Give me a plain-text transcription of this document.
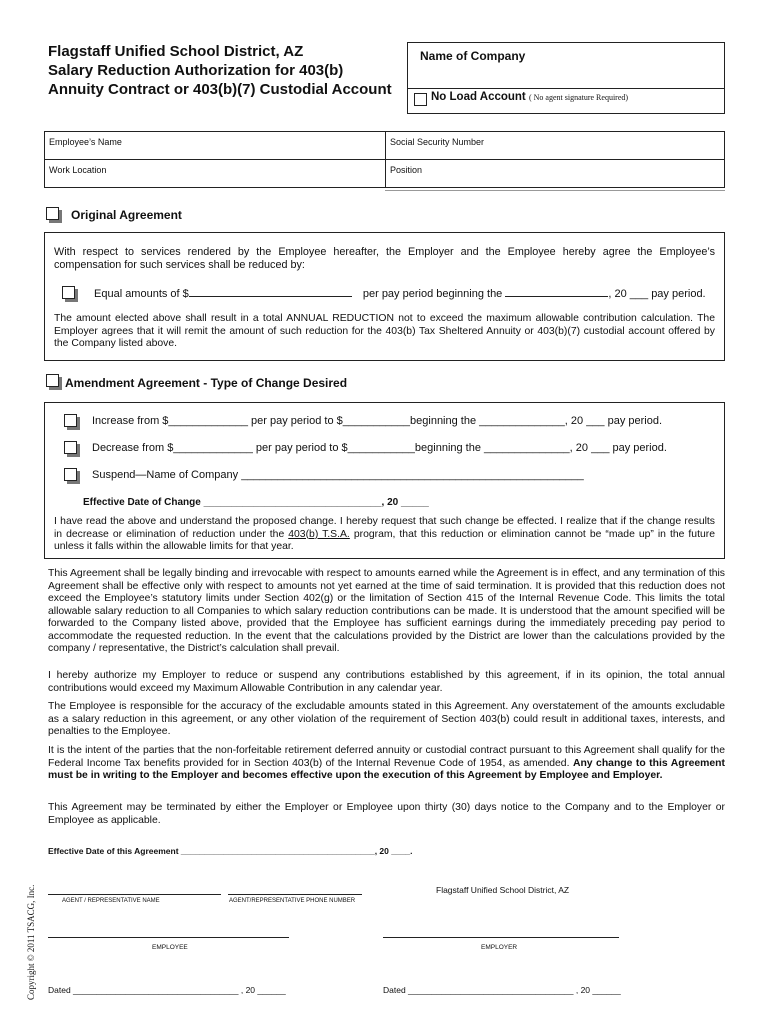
Flagstaff Unified School District, AZ
Salary Reduction Authorization for 403(b)
Annuity Contract or 403(b)(7) Custodial Account
Name of Company
No Load Account ( No agent signature Required)
Employee’s Name	Social Security Number
Work Location	Position
Original Agreement
With respect to services rendered by the Employee hereafter, the Employer and the Employee hereby agree the Employee’s compensation for such services shall be reduced by:
Equal amounts of $	per pay period beginning the	, 20 ___ pay period.
The amount elected above shall result in a total ANNUAL REDUCTION not to exceed the maximum allowable contribution calculation. The Employer agrees that it will remit the amount of such reduction for the 403(b) Tax Sheltered Annuity or 403(b)(7) custodial account offered by the Company listed above.
Amendment Agreement - Type of Change Desired
Increase from $_____________ per pay period to $___________beginning the ______________, 20 ___ pay period.
Decrease from $_____________ per pay period to $___________beginning the ______________, 20 ___ pay period.
Suspend—Name of Company ________________________________________________________
Effective Date of Change ________________________________, 20 _____
I have read the above and understand the proposed change. I hereby request that such change be effected. I realize that if the change results in decrease or elimination of reduction under the 403(b) T.S.A. program, that this reduction or elimination cannot be “made up” in the future unless it falls within the allowable limits for that year.
This Agreement shall be legally binding and irrevocable with respect to amounts earned while the Agreement is in effect, and any termination of this Agreement shall be effective only with respect to amounts not yet earned at the time of said termination. It is provided that this reduction does not exceed the Employee’s statutory limits under Section 402(g) or the limitation of Section 415 of the Internal Revenue Code. This limits the total allowable salary reduction to all Companies to which salary reduction contributions can be made. It is understood that the amount specified will be forwarded to the Company listed above, provided that the Employee has sufficient earnings during the immediately preceding pay period to accommodate the requested reduction. In the event that the calculations provided by the District are lower than the calculations provided by the company / representative, the District’s calculation shall prevail.
I hereby authorize my Employer to reduce or suspend any contributions established by this agreement, if in its opinion, the total annual contributions would exceed my Maximum Allowable Contribution in any calendar year.
The Employee is responsible for the accuracy of the excludable amounts stated in this Agreement. Any overstatement of the amounts excludable as a salary reduction in this agreement, or any other violation of the requirement of Section 403(b) could result in additional taxes, interests, and penalties to the Employee.
It is the intent of the parties that the non-forfeitable retirement deferred annuity or custodial contract pursuant to this Agreement shall qualify for the Federal Income Tax benefits provided for in Section 403(b) of the Internal Revenue Code of 1954, as amended. Any change to this Agreement must be in writing to the Employer and becomes effective upon the execution of this Agreement by Employee and Employer.
This Agreement may be terminated by either the Employer or Employee upon thirty (30) days notice to the Company and to the Employer or Employee as applicable.
Effective Date of this Agreement _________________________________________, 20 ____.
Flagstaff Unified School District, AZ
AGENT / REPRESENTATIVE NAME	AGENT/REPRESENTATIVE PHONE NUMBER
EMPLOYEE	EMPLOYER
Dated ___________________________________ , 20 ______	Dated ___________________________________ , 20 ______
Copyright © 2011 TSACG, Inc.
